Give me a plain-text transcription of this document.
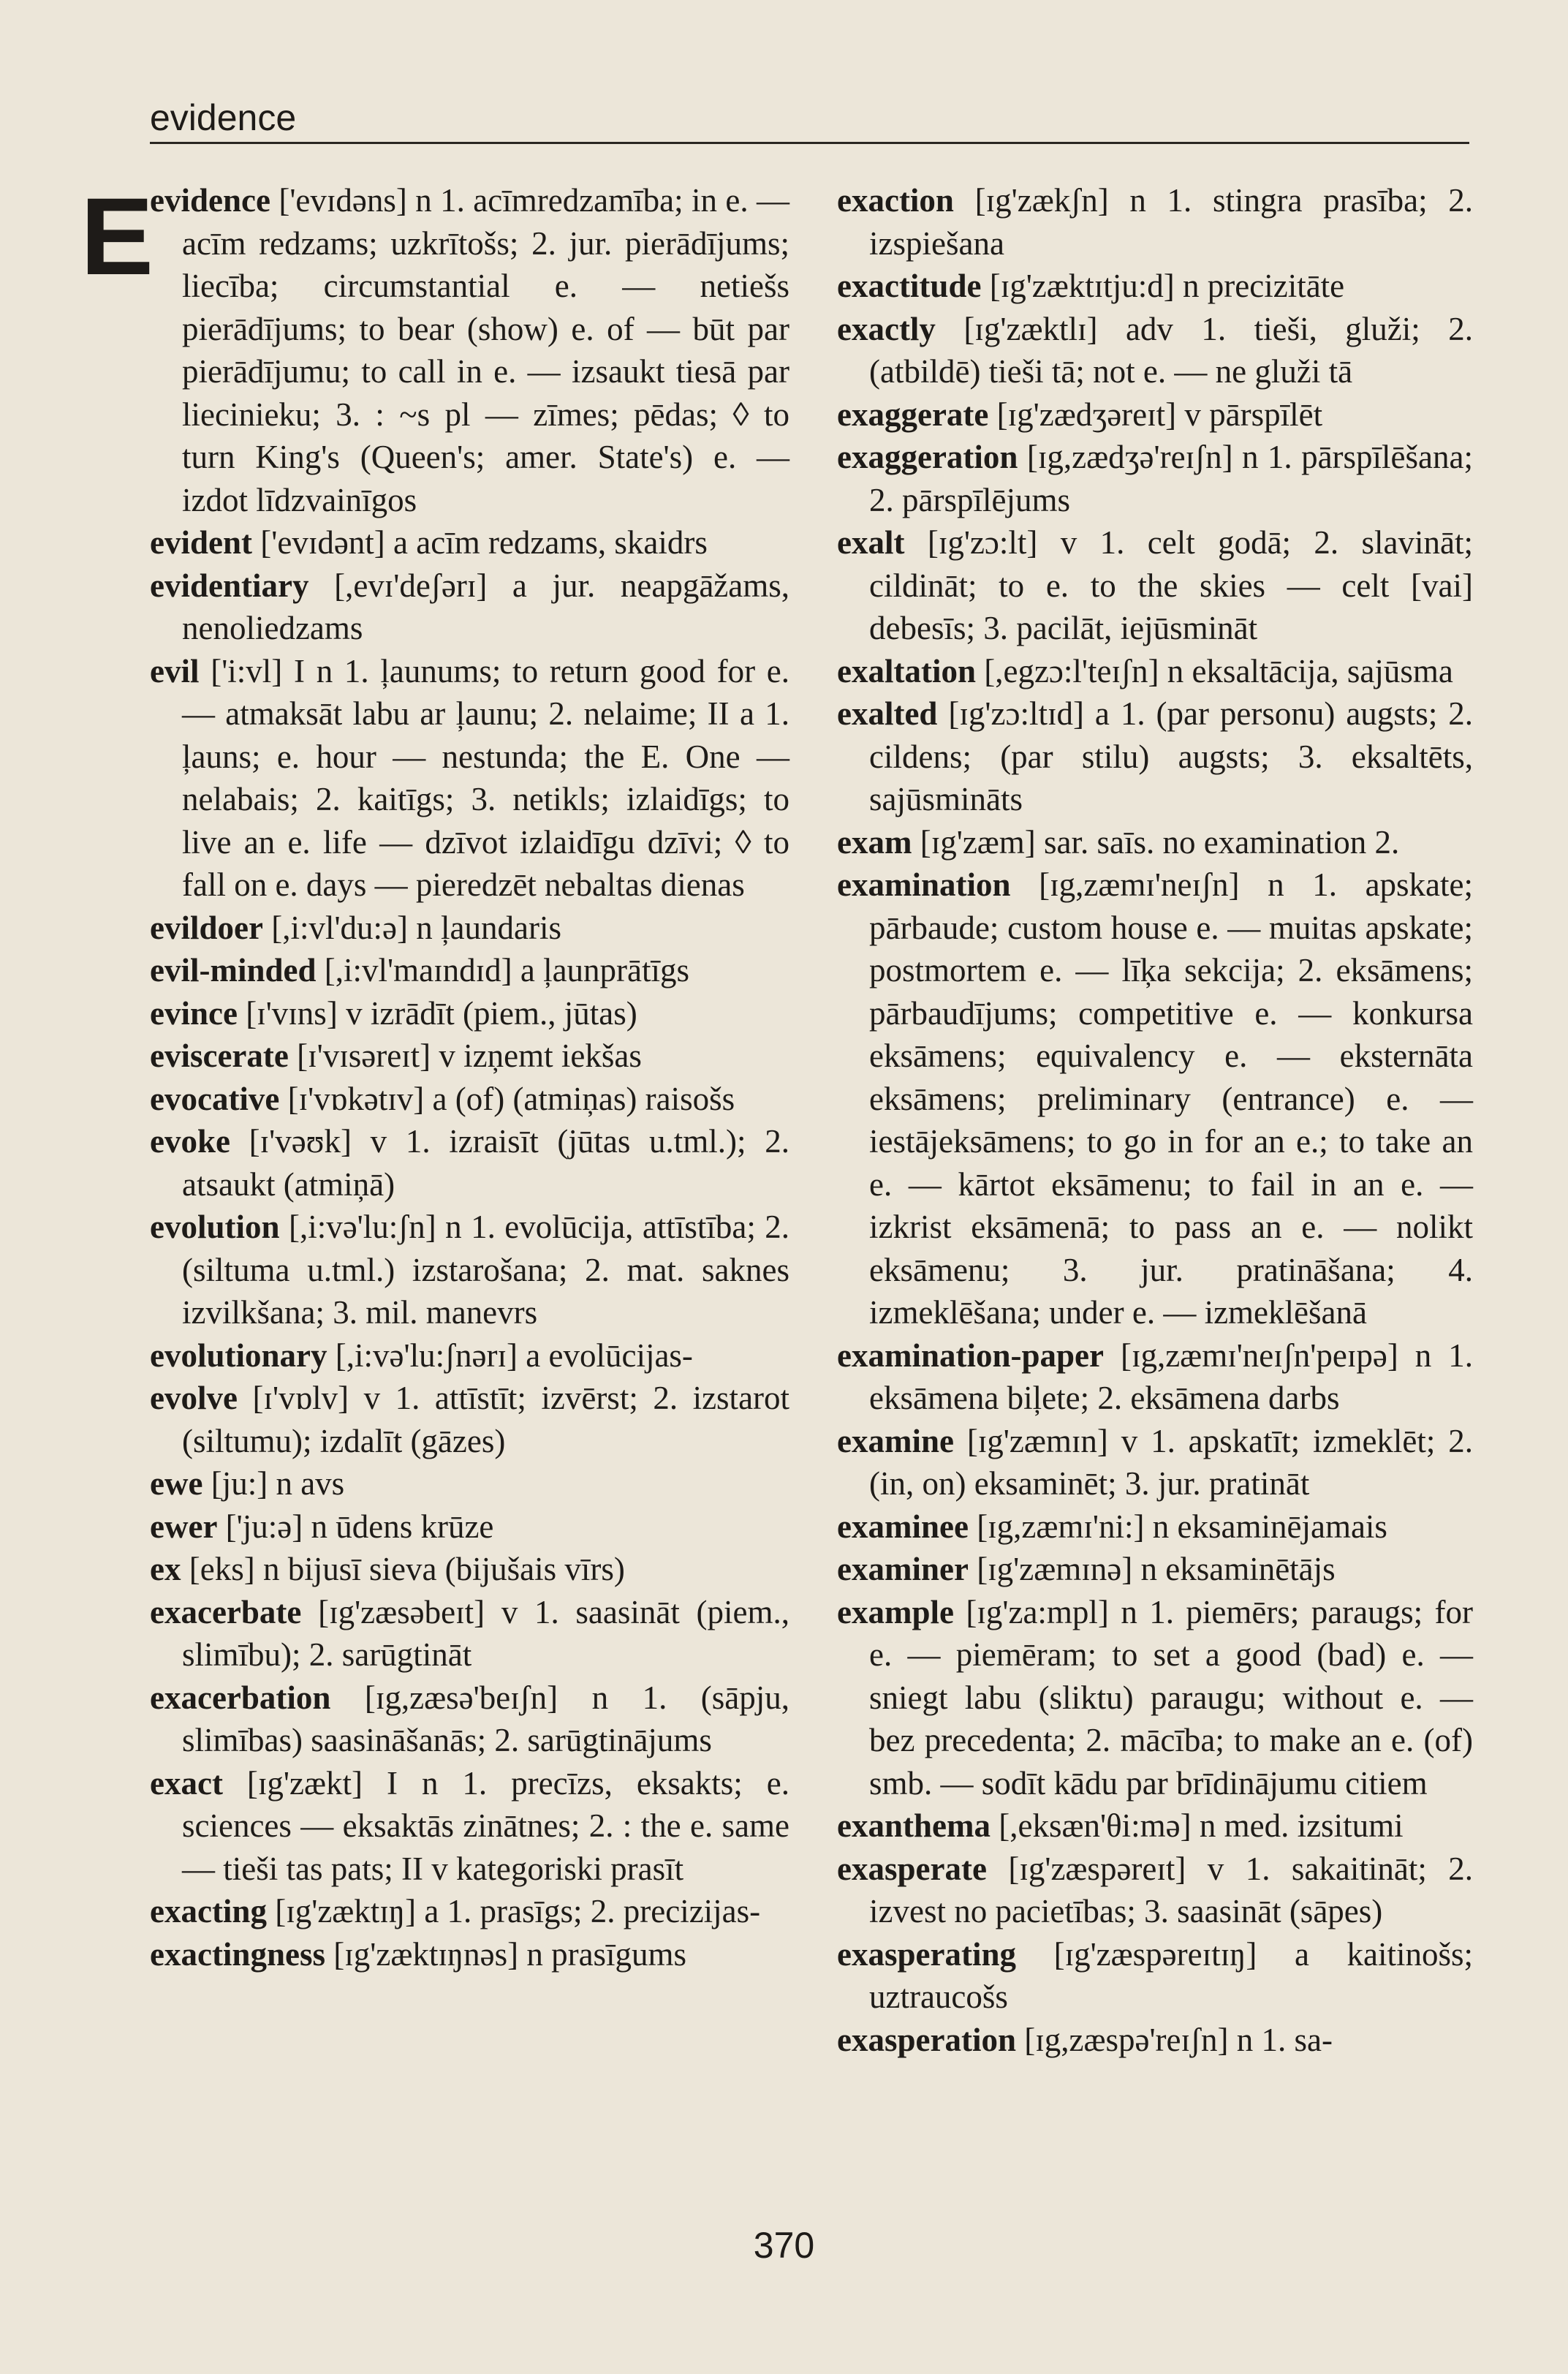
evidence
E

evidence ['evɪdəns] n 1. acīmredzamība; in e. — acīm redzams; uzkrītošs; 2. jur. pierādījums; liecība; circumstantial e. — netiešs pierādījums; to bear (show) e. of — būt par pierādījumu; to call in e. — izsaukt tiesā par liecinieku; 3. : ~s pl — zīmes; pēdas; ◊ to turn King's (Queen's; amer. State's) e. — izdot līdzvainīgos

evident ['evɪdənt] a acīm redzams, skaidrs

evidentiary [,evɪ'deʃərɪ] a jur. neapgāžams, nenoliedzams

evil ['i:vl] I n 1. ļaunums; to return good for e. — atmaksāt labu ar ļaunu; 2. nelaime; II a 1. ļauns; e. hour — nestunda; the E. One — nelabais; 2. kaitīgs; 3. netikls; izlaidīgs; to live an e. life — dzīvot izlaidīgu dzīvi; ◊ to fall on e. days — pieredzēt nebaltas dienas

evildoer [,i:vl'du:ə] n ļaundaris

evil-minded [,i:vl'maɪndɪd] a ļaunprātīgs

evince [ɪ'vɪns] v izrādīt (piem., jūtas)

eviscerate [ɪ'vɪsəreɪt] v izņemt iekšas

evocative [ɪ'vɒkətɪv] a (of) (atmiņas) raisošs

evoke [ɪ'vəʊk] v 1. izraisīt (jūtas u.tml.); 2. atsaukt (atmiņā)

evolution [,i:və'lu:ʃn] n 1. evolūcija, attīstība; 2. (siltuma u.tml.) izstarošana; 2. mat. saknes izvilkšana; 3. mil. manevrs

evolutionary [,i:və'lu:ʃnərɪ] a evolūcijas-

evolve [ɪ'vɒlv] v 1. attīstīt; izvērst; 2. izstarot (siltumu); izdalīt (gāzes)

ewe [ju:] n avs

ewer ['ju:ə] n ūdens krūze

ex [eks] n bijusī sieva (bijušais vīrs)

exacerbate [ɪg'zæsəbeɪt] v 1. saasināt (piem., slimību); 2. sarūgtināt

exacerbation [ɪg,zæsə'beɪʃn] n 1. (sāpju, slimības) saasināšanās; 2. sarūgtinājums

exact [ɪg'zækt] I n 1. precīzs, eksakts; e. sciences — eksaktās zinātnes; 2. : the e. same — tieši tas pats; II v kategoriski prasīt

exacting [ɪg'zæktɪŋ] a 1. prasīgs; 2. precizijas-

exactingness [ɪg'zæktɪŋnəs] n prasīgums

exaction [ɪg'zækʃn] n 1. stingra prasība; 2. izspiešana

exactitude [ɪg'zæktɪtju:d] n precizitāte

exactly [ɪg'zæktlɪ] adv 1. tieši, gluži; 2. (atbildē) tieši tā; not e. — ne gluži tā

exaggerate [ɪg'zædʒəreɪt] v pārspīlēt

exaggeration [ɪg,zædʒə'reɪʃn] n 1. pārspīlēšana; 2. pārspīlējums

exalt [ɪg'zɔ:lt] v 1. celt godā; 2. slavināt; cildināt; to e. to the skies — celt [vai] debesīs; 3. pacilāt, iejūsmināt

exaltation [,egzɔ:l'teɪʃn] n eksaltācija, sajūsma

exalted [ɪg'zɔ:ltɪd] a 1. (par personu) augsts; 2. cildens; (par stilu) augsts; 3. eksaltēts, sajūsmināts

exam [ɪg'zæm] sar. saīs. no examination 2.

examination [ɪg,zæmɪ'neɪʃn] n 1. apskate; pārbaude; custom house e. — muitas apskate; postmortem e. — līķa sekcija; 2. eksāmens; pārbaudījums; competitive e. — konkursa eksāmens; equivalency e. — eksternāta eksāmens; preliminary (entrance) e. — iestājeksāmens; to go in for an e.; to take an e. — kārtot eksāmenu; to fail in an e. — izkrist eksāmenā; to pass an e. — nolikt eksāmenu; 3. jur. pratināšana; 4. izmeklēšana; under e. — izmeklēšanā

examination-paper [ɪg,zæmɪ'neɪʃn'peɪpə] n 1. eksāmena biļete; 2. eksāmena darbs

examine [ɪg'zæmɪn] v 1. apskatīt; izmeklēt; 2. (in, on) eksaminēt; 3. jur. pratināt

examinee [ɪg,zæmɪ'ni:] n eksaminējamais

examiner [ɪg'zæmɪnə] n eksaminētājs

example [ɪg'za:mpl] n 1. piemērs; paraugs; for e. — piemēram; to set a good (bad) e. — sniegt labu (sliktu) paraugu; without e. — bez precedenta; 2. mācība; to make an e. (of) smb. — sodīt kādu par brīdinājumu citiem

exanthema [,eksæn'θi:mə] n med. izsitumi

exasperate [ɪg'zæspəreɪt] v 1. sakaitināt; 2. izvest no pacietības; 3. saasināt (sāpes)

exasperating [ɪg'zæspəreɪtɪŋ] a kaitinošs; uztraucošs

exasperation [ɪg,zæspə'reɪʃn] n 1. sa-

370
